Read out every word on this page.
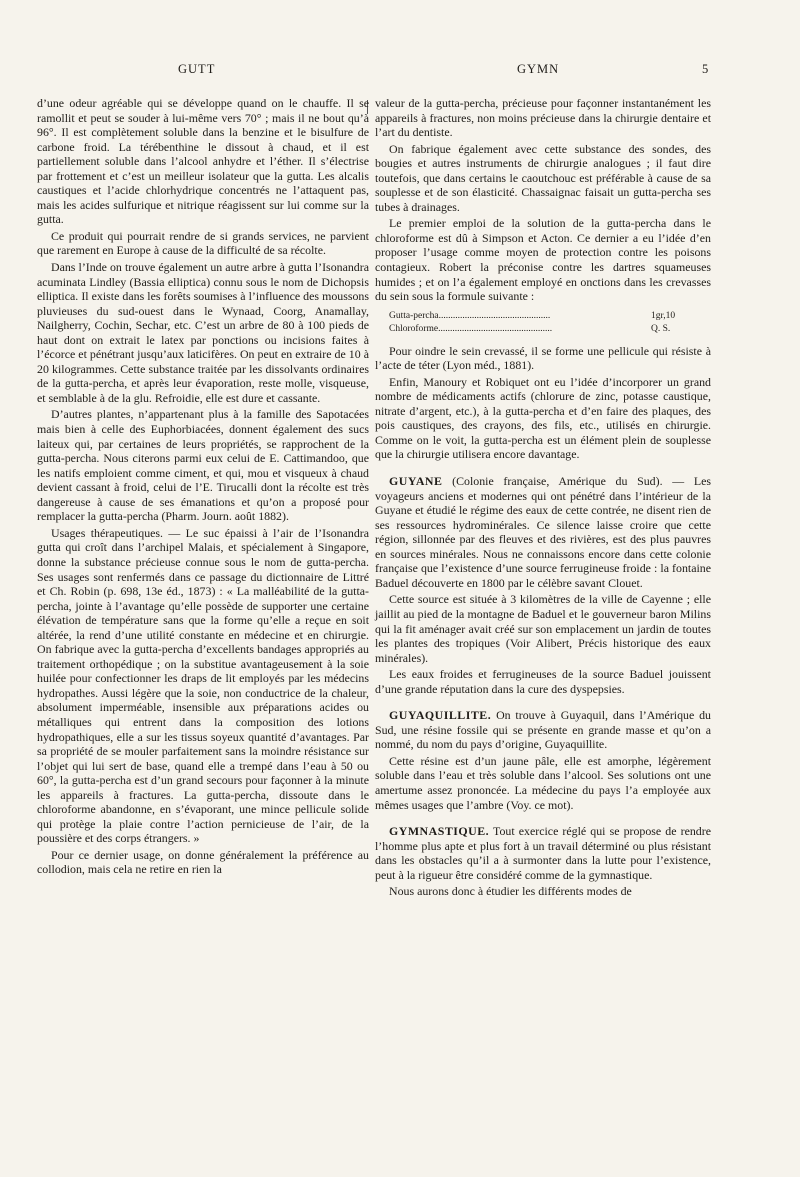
GUTT	GYMN	5

d’une odeur agréable qui se développe quand on le chauffe. Il se ramollit et peut se souder à lui-même vers 70° ; mais il ne bout qu’à 96°. Il est complètement soluble dans la benzine et le bisulfure de carbone froid. La térébenthine le dissout à chaud, et il est partiellement soluble dans l’alcool anhydre et l’éther. Il s’électrise par frottement et c’est un meilleur isolateur que la gutta. Les alcalis caustiques et l’acide chlorhydrique concentrés ne l’attaquent pas, mais les acides sulfurique et nitrique réagissent sur lui comme sur la gutta.

Ce produit qui pourrait rendre de si grands services, ne parvient que rarement en Europe à cause de la difficulté de sa récolte.

Dans l’Inde on trouve également un autre arbre à gutta l’Isonandra acuminata Lindley (Bassia elliptica) connu sous le nom de Dichopsis elliptica. Il existe dans les forêts soumises à l’influence des moussons pluvieuses du sud-ouest dans le Wynaad, Coorg, Anamallay, Nailgherry, Cochin, Sechar, etc. C’est un arbre de 80 à 100 pieds de haut dont on extrait le latex par ponctions ou incisions faites à l’écorce et pénétrant jusqu’aux laticifères. On peut en extraire de 10 à 20 kilogrammes. Cette substance traitée par les dissolvants ordinaires de la gutta-percha, et après leur évaporation, reste molle, visqueuse, et semblable à de la glu. Refroidie, elle est dure et cassante.

D’autres plantes, n’appartenant plus à la famille des Sapotacées mais bien à celle des Euphorbiacées, donnent également des sucs laiteux qui, par certaines de leurs propriétés, se rapprochent de la gutta-percha. Nous citerons parmi eux celui de E. Cattimandoo, que les natifs emploient comme ciment, et qui, mou et visqueux à chaud devient cassant à froid, celui de l’E. Tirucalli dont la récolte est très dangereuse à cause de ses émanations et qu’on a proposé pour remplacer la gutta-percha (Pharm. Journ. août 1882).

Usages thérapeutiques. — Le suc épaissi à l’air de l’Isonandra gutta qui croît dans l’archipel Malais, et spécialement à Singapore, donne la substance précieuse connue sous le nom de gutta-percha. Ses usages sont renfermés dans ce passage du dictionnaire de Littré et Ch. Robin (p. 698, 13e éd., 1873) : « La malléabilité de la gutta-percha, jointe à l’avantage qu’elle possède de supporter une certaine élévation de température sans que la forme qu’elle a reçue en soit altérée, la rend d’une utilité constante en médecine et en chirurgie. On fabrique avec la gutta-percha d’excellents bandages appropriés au traitement orthopédique ; on la substitue avantageusement à la soie huilée pour confectionner les draps de lit employés par les médecins hydropathes. Aussi légère que la soie, non conductrice de la chaleur, absolument imperméable, insensible aux préparations acides ou métalliques qui entrent dans la composition des lotions hydropathiques, elle a sur les tissus soyeux quantité d’avantages. Par sa propriété de se mouler parfaitement sans la moindre résistance sur l’objet qui lui sert de base, quand elle a trempé dans l’eau à 50 ou 60°, la gutta-percha est d’un grand secours pour façonner à la minute les appareils à fractures. La gutta-percha, dissoute dans le chloroforme abandonne, en s’évaporant, une mince pellicule solide qui protège la plaie contre l’action pernicieuse de l’air, de la poussière et des corps étrangers. »

Pour ce dernier usage, on donne généralement la préférence au collodion, mais cela ne retire en rien la

valeur de la gutta-percha, précieuse pour façonner instantanément les appareils à fractures, non moins précieuse dans la chirurgie dentaire et l’art du dentiste.

On fabrique également avec cette substance des sondes, des bougies et autres instruments de chirurgie analogues ; il faut dire toutefois, que dans certains le caoutchouc est préférable à cause de sa souplesse et de son élasticité. Chassaignac faisait un gutta-percha ses tubes à drainages.

Le premier emploi de la solution de la gutta-percha dans le chloroforme est dû à Simpson et Acton. Ce dernier a eu l’idée d’en proposer l’usage comme moyen de protection contre les poisons contagieux. Robert la préconise contre les dartres squameuses humides ; et on l’a également employé en onctions dans les crevasses du sein sous la formule suivante :

Gutta-percha...............................................	1gr,10
Chloroforme................................................	Q. S.

Pour oindre le sein crevassé, il se forme une pellicule qui résiste à l’acte de téter (Lyon méd., 1881).

Enfin, Manoury et Robiquet ont eu l’idée d’incorporer un grand nombre de médicaments actifs (chlorure de zinc, potasse caustique, nitrate d’argent, etc.), à la gutta-percha et d’en faire des plaques, des pois caustiques, des crayons, des fils, etc., utilisés en chirurgie. Comme on le voit, la gutta-percha est un élément plein de souplesse que la chirurgie utilisera encore davantage.

GUYANE (Colonie française, Amérique du Sud). — Les voyageurs anciens et modernes qui ont pénétré dans l’intérieur de la Guyane et étudié le régime des eaux de cette contrée, ne disent rien de ses ressources hydrominérales. Ce silence laisse croire que cette région, sillonnée par des fleuves et des rivières, est des plus pauvres en sources minérales. Nous ne connaissons encore dans cette colonie française que l’existence d’une source ferrugineuse froide : la fontaine Baduel découverte en 1800 par le célèbre savant Clouet.

Cette source est située à 3 kilomètres de la ville de Cayenne ; elle jaillit au pied de la montagne de Baduel et le gouverneur baron Milins qui la fit aménager avait créé sur son emplacement un jardin de toutes les plantes des tropiques (Voir Alibert, Précis historique des eaux minérales).

Les eaux froides et ferrugineuses de la source Baduel jouissent d’une grande réputation dans la cure des dyspepsies.

GUYAQUILLITE. On trouve à Guyaquil, dans l’Amérique du Sud, une résine fossile qui se présente en grande masse et qu’on a nommé, du nom du pays d’origine, Guyaquillite.

Cette résine est d’un jaune pâle, elle est amorphe, légèrement soluble dans l’eau et très soluble dans l’alcool. Ses solutions ont une amertume assez prononcée. La médecine du pays l’a employée aux mêmes usages que l’ambre (Voy. ce mot).

GYMNASTIQUE. Tout exercice réglé qui se propose de rendre l’homme plus apte et plus fort à un travail déterminé ou plus résistant dans les obstacles qu’il a à surmonter dans la lutte pour l’existence, peut à la rigueur être considéré comme de la gymnastique.

Nous aurons donc à étudier les différents modes de
